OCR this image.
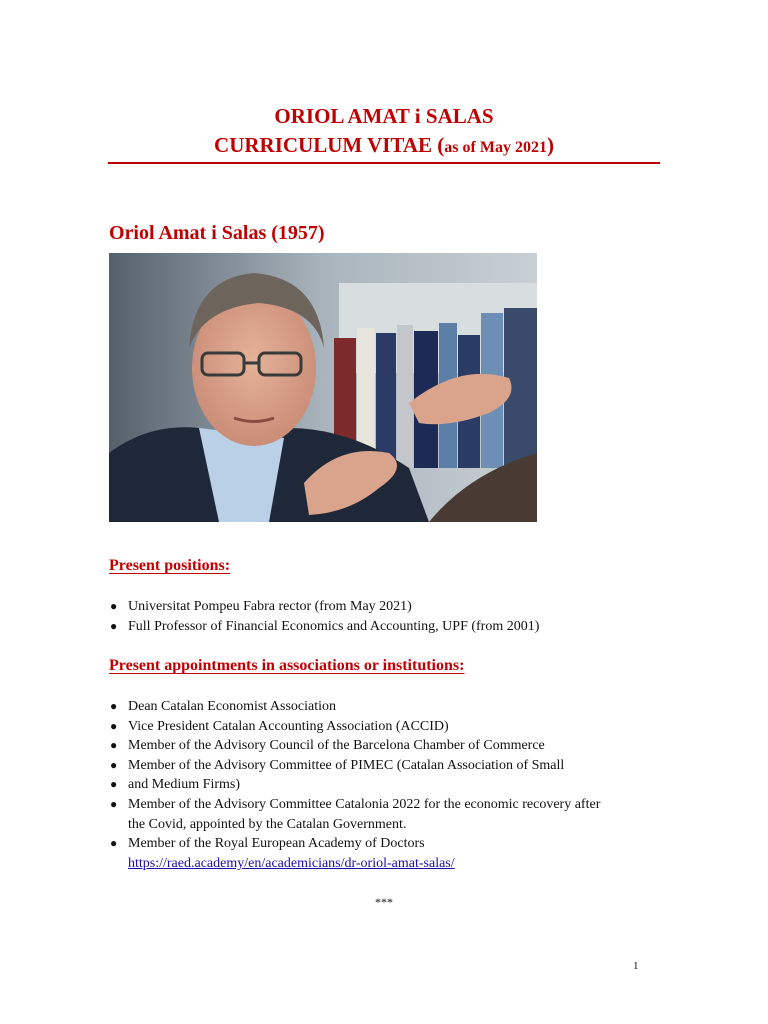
ORIOL AMAT i SALAS
CURRICULUM VITAE (as of May 2021)
Oriol Amat i Salas (1957)
Present positions:
● Universitat Pompeu Fabra rector (from May 2021)
● Full Professor of Financial Economics and Accounting, UPF (from 2001)
Present appointments in associations or institutions:
● Dean Catalan Economist Association
● Vice President Catalan Accounting Association (ACCID)
● Member of the Advisory Council of the Barcelona Chamber of Commerce
● Member of the Advisory Committee of PIMEC (Catalan Association of Small
● and Medium Firms)
● Member of the Advisory Committee Catalonia 2022 for the economic recovery after
the Covid, appointed by the Catalan Government.
● Member of the Royal European Academy of Doctors
https://raed.academy/en/academicians/dr-oriol-amat-salas/
***
1
